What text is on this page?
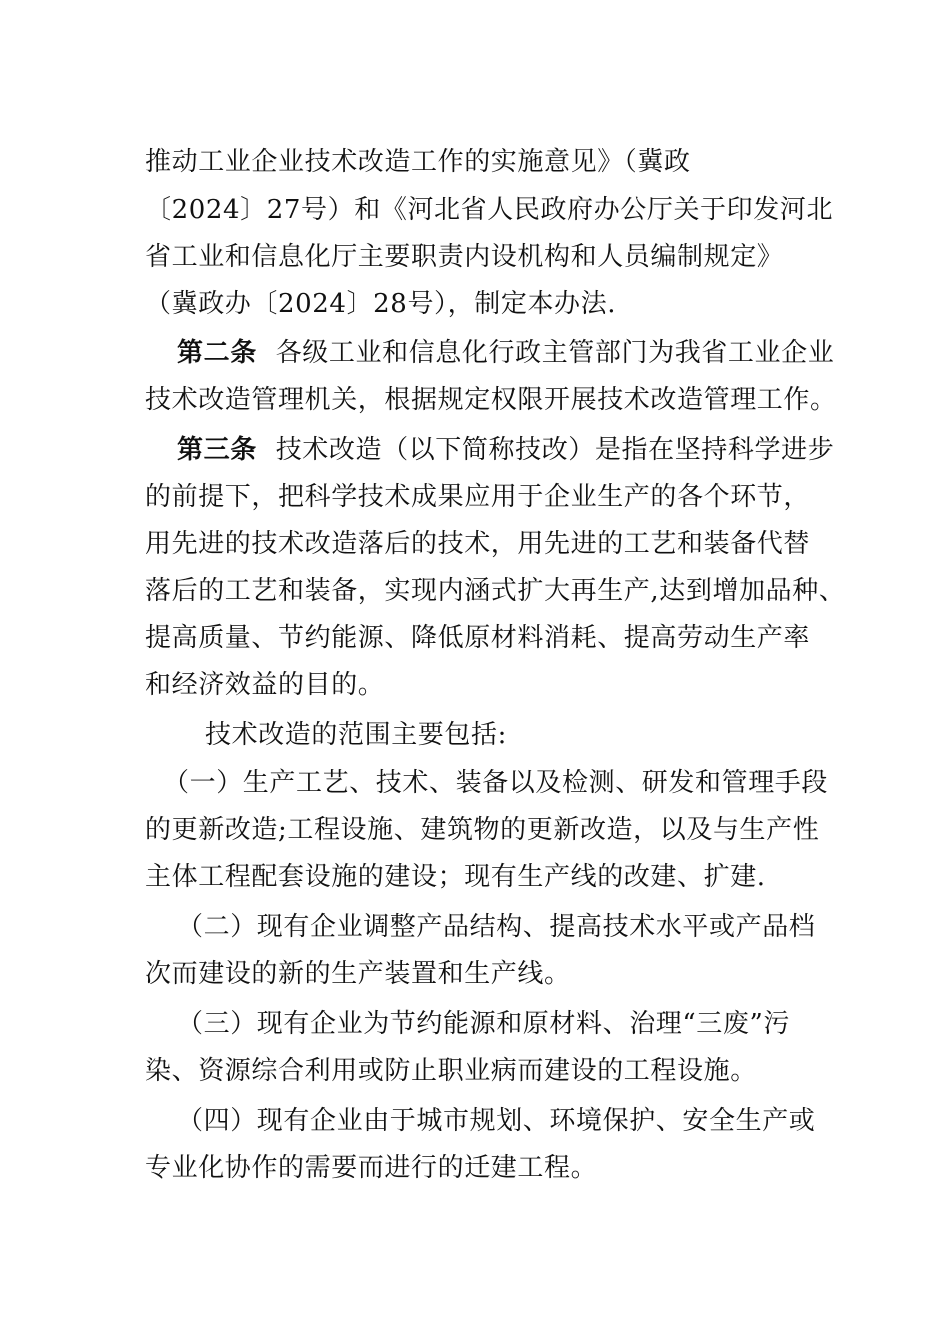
推动工业企业技术改造工作的实施意见》（冀政
〔2024〕27号）和《河北省人民政府办公厅关于印发河北
省工业和信息化厅主要职责内设机构和人员编制规定》
（冀政办〔2024〕28号），制定本办法.
第二条 各级工业和信息化行政主管部门为我省工业企业
技术改造管理机关，根据规定权限开展技术改造管理工作。
第三条 技术改造（以下简称技改）是指在坚持科学进步
的前提下，把科学技术成果应用于企业生产的各个环节，
用先进的技术改造落后的技术，用先进的工艺和装备代替
落后的工艺和装备，实现内涵式扩大再生产,达到增加品种、
提高质量、节约能源、降低原材料消耗、提高劳动生产率
和经济效益的目的。
技术改造的范围主要包括:
（一）生产工艺、技术、装备以及检测、研发和管理手段
的更新改造;工程设施、建筑物的更新改造，以及与生产性
主体工程配套设施的建设；现有生产线的改建、扩建.
（二）现有企业调整产品结构、提高技术水平或产品档
次而建设的新的生产装置和生产线。
（三）现有企业为节约能源和原材料、治理“三废”污
染、资源综合利用或防止职业病而建设的工程设施。
（四）现有企业由于城市规划、环境保护、安全生产或
专业化协作的需要而进行的迁建工程。
